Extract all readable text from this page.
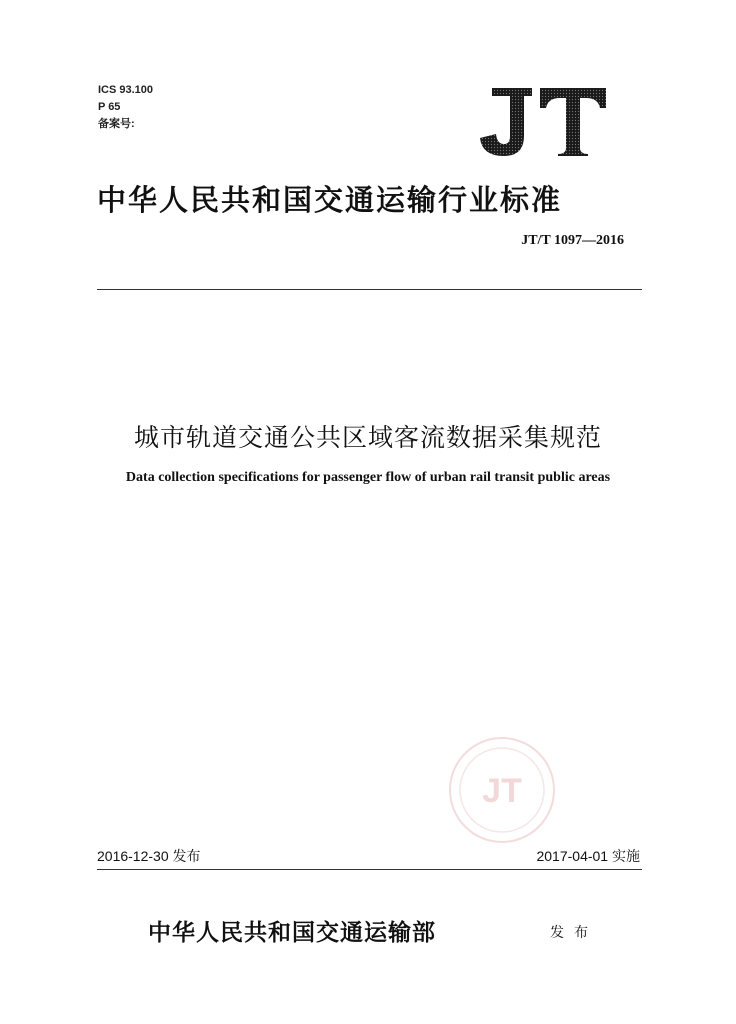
ICS 93.100
P 65
备案号:
中华人民共和国交通运输行业标准
JT/T 1097—2016
城市轨道交通公共区域客流数据采集规范
Data collection specifications for passenger flow of urban rail transit public areas
JT
2016-12-30 发布	2017-04-01 实施
中华人民共和国交通运输部	发布
